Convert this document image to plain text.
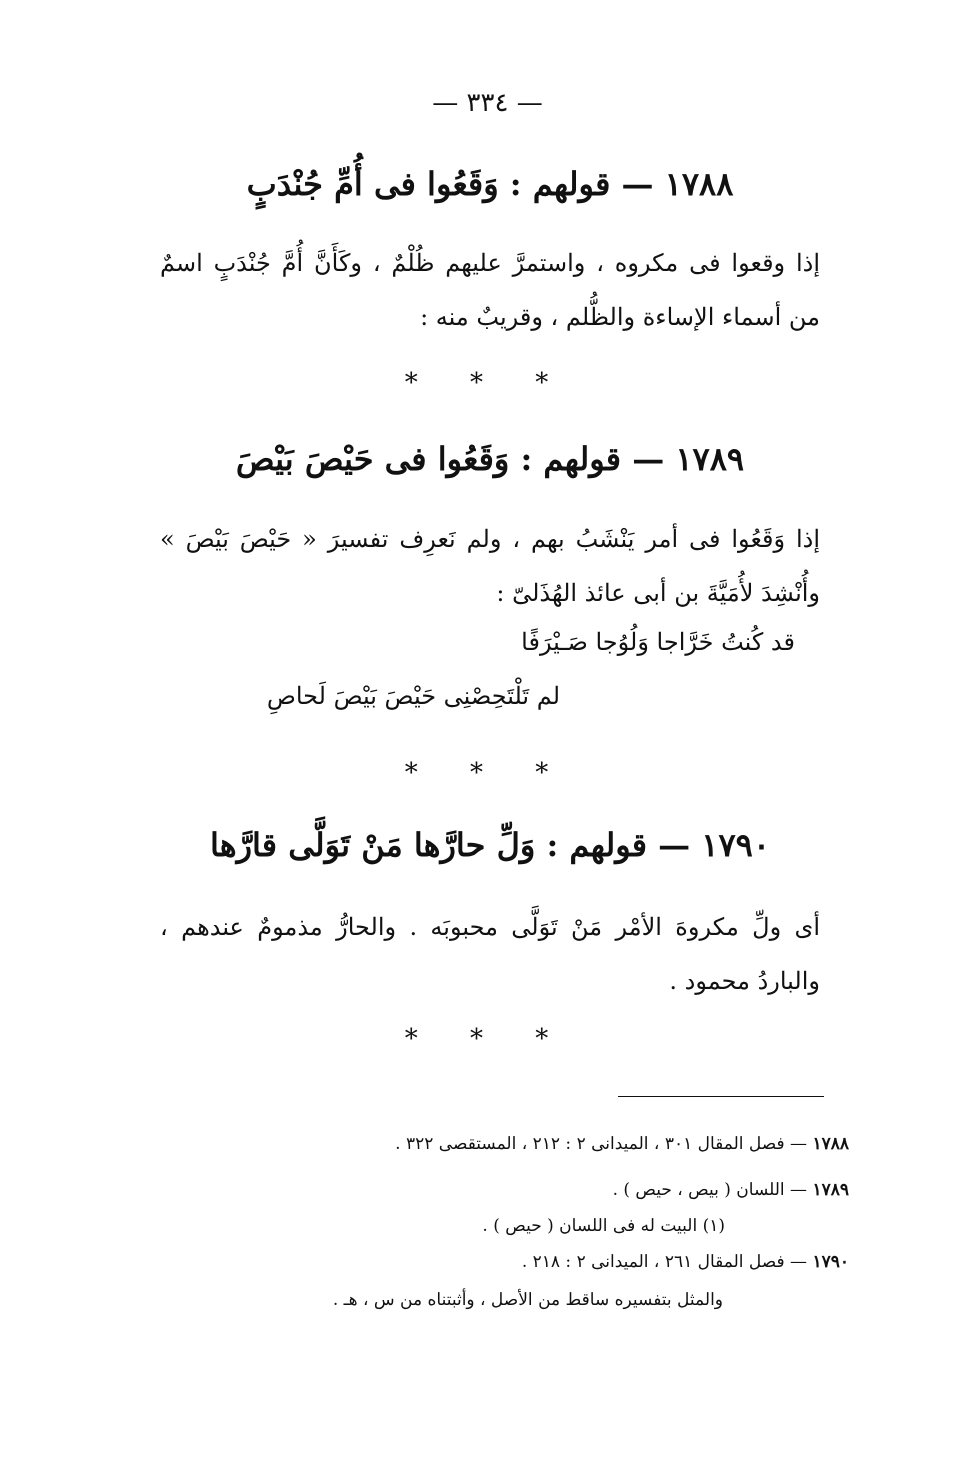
— ٣٣٤ —
١٧٨٨ — قولهم : وَقَعُوا فى أُمِّ جُنْدَبٍ
إذا وقعوا فى مكروه ، واستمرَّ عليهم ظُلْمٌ ، وكَأَنَّ أُمَّ جُنْدَبٍ اسمٌ من أسماء الإساءة والظُّلم ، وقريبٌ منه :
* * *
١٧٨٩ — قولهم : وَقَعُوا فى حَيْصَ بَيْصَ
إذا وَقَعُوا فى أمر يَنْشَبُ بهم ، ولم نَعرِف تفسيرَ « حَيْصَ بَيْصَ » وأُنْشِدَ لأُمَيَّةَ بن أبى عائذ الهُذَلىّ :
قد كُنتُ خَرَّاجا وَلُوُجا صَـيْرَفًا
لم تَلْتَحِصْنِى حَيْصَ بَيْصَ لَحاصِ
* * *
١٧٩٠ — قولهم : وَلِّ حارَّها مَنْ تَوَلَّى قارَّها
أى ولِّ مكروهَ الأمْر مَنْ تَوَلَّى محبوبَه . والحارُّ مذمومٌ عندهم ، والباردُ محمود .
* * *
١٧٨٨ — فصل المقال ٣٠١ ، الميدانى ٢ : ٢١٢ ، المستقصى ٣٢٢ .
١٧٨٩ — اللسان ( بيص ، حيص ) .
(١) البيت له فى اللسان ( حيص ) .
١٧٩٠ — فصل المقال ٢٦١ ، الميدانى ٢ : ٢١٨ .
والمثل بتفسيره ساقط من الأصل ، وأثبتناه من س ، هـ .
